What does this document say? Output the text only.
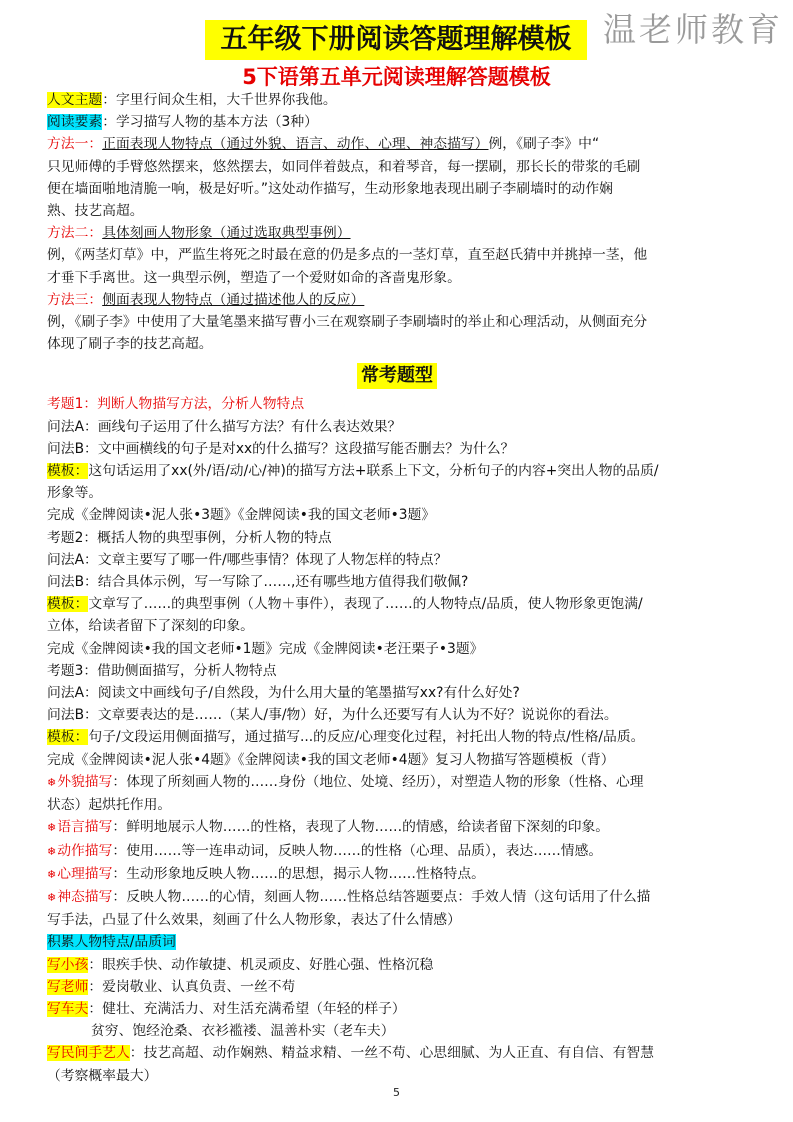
温老师教育
五年级下册阅读答题理解模板
5下语第五单元阅读理解答题模板

人文主题：字里行间众生相，大千世界你我他。

阅读要素：学习描写人物的基本方法（3种）

方法一：正面表现人物特点（通过外貌、语言、动作、心理、神态描写）例，《刷子李》中“

只见师傅的手臂悠然摆来，悠然摆去，如同伴着鼓点，和着琴音，每一摆刷，那长长的带浆的毛刷

便在墙面啪地清脆一响，极是好听。”这处动作描写，生动形象地表现出刷子李刷墙时的动作娴

熟、技艺高超。

方法二：具体刻画人物形象（通过选取典型事例）

例，《两茎灯草》中，严监生将死之时最在意的仍是多点的一茎灯草，直至赵氏猜中并挑掉一茎，他

才垂下手离世。这一典型示例，塑造了一个爱财如命的吝啬鬼形象。

方法三：侧面表现人物特点（通过描述他人的反应）

例，《刷子李》中使用了大量笔墨来描写曹小三在观察刷子李刷墙时的举止和心理活动，从侧面充分

体现了刷子李的技艺高超。

常考题型

考题1：判断人物描写方法，分析人物特点

问法A：画线句子运用了什么描写方法？有什么表达效果？

问法B：文中画横线的句子是对xx的什么描写？这段描写能否删去？为什么？

模板：这句话运用了xx(外/语/动/心/神)的描写方法+联系上下文，分析句子的内容+突出人物的品质/

形象等。

完成《金牌阅读•泥人张•3题》《金牌阅读•我的国文老师•3题》

考题2：概括人物的典型事例，分析人物的特点

问法A：文章主要写了哪一件/哪些事情？体现了人物怎样的特点？

问法B：结合具体示例，写一写除了……,还有哪些地方值得我们敬佩?

模板：文章写了……的典型事例（人物＋事件），表现了……的人物特点/品质，使人物形象更饱满/

立体，给读者留下了深刻的印象。

完成《金牌阅读•我的国文老师•1题》完成《金牌阅读•老汪栗子•3题》

考题3：借助侧面描写，分析人物特点

问法A：阅读文中画线句子/自然段，为什么用大量的笔墨描写xx?有什么好处?

问法B：文章要表达的是……（某人/事/物）好，为什么还要写有人认为不好？说说你的看法。

模板：句子/文段运用侧面描写，通过描写...的反应/心理变化过程，衬托出人物的特点/性格/品质。

完成《金牌阅读•泥人张•4题》《金牌阅读•我的国文老师•4题》复习人物描写答题模板（背）

❄外貌描写：体现了所刻画人物的……身份（地位、处境、经历），对塑造人物的形象（性格、心理

状态）起烘托作用。

❄语言描写：鲜明地展示人物……的性格，表现了人物……的情感，给读者留下深刻的印象。

❄动作描写：使用……等一连串动词，反映人物……的性格（心理、品质），表达……情感。

❄心理描写：生动形象地反映人物……的思想，揭示人物……性格特点。

❄神态描写：反映人物……的心情，刻画人物……性格总结答题要点：手效人情（这句话用了什么描

写手法，凸显了什么效果，刻画了什么人物形象，表达了什么情感）

积累人物特点/品质词

写小孩：眼疾手快、动作敏捷、机灵顽皮、好胜心强、性格沉稳

写老师：爱岗敬业、认真负责、一丝不苟

写车夫：健壮、充满活力、对生活充满希望（年轻的样子）

贫穷、饱经沧桑、衣衫褴褛、温善朴实（老车夫）

写民间手艺人：技艺高超、动作娴熟、精益求精、一丝不苟、心思细腻、为人正直、有自信、有智慧

（考察概率最大）

5
